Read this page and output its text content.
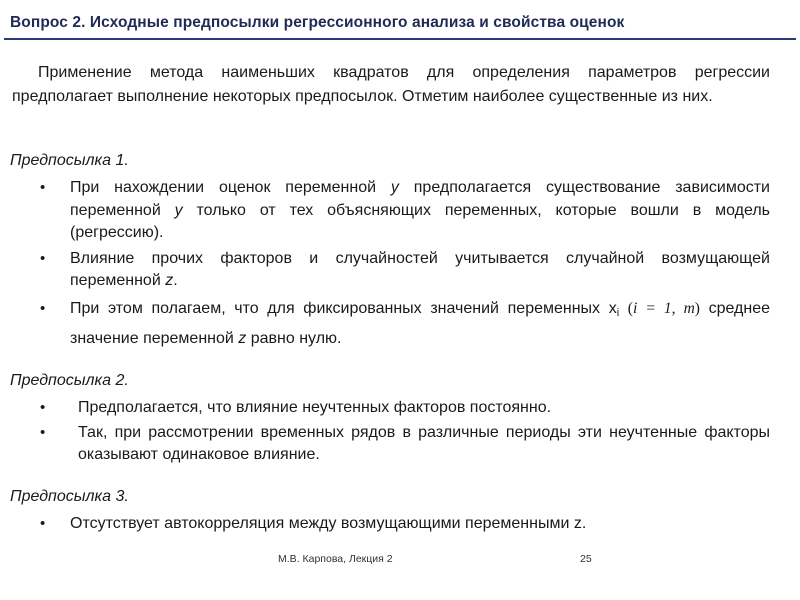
Вопрос 2. Исходные предпосылки регрессионного анализа и свойства оценок
Применение метода наименьших квадратов для определения параметров регрессии предполагает выполнение некоторых предпосылок. Отметим наиболее существенные из них.
Предпосылка 1.
• При нахождении оценок переменной y предполагается существование зависимости переменной y только от тех объясняющих переменных, которые вошли в модель (регрессию).
• Влияние прочих факторов и случайностей учитывается случайной возмущающей переменной z.
• При этом полагаем, что для фиксированных значений переменных $x_i$ (i = 1, m) среднее значение переменной z равно нулю.
Предпосылка 2.
• Предполагается, что влияние неучтенных факторов постоянно.
• Так, при рассмотрении временных рядов в различные периоды эти неучтенные факторы оказывают одинаковое влияние.
Предпосылка 3.
• Отсутствует автокорреляция между возмущающими переменными z.
М.В. Карпова, Лекция 2	25
